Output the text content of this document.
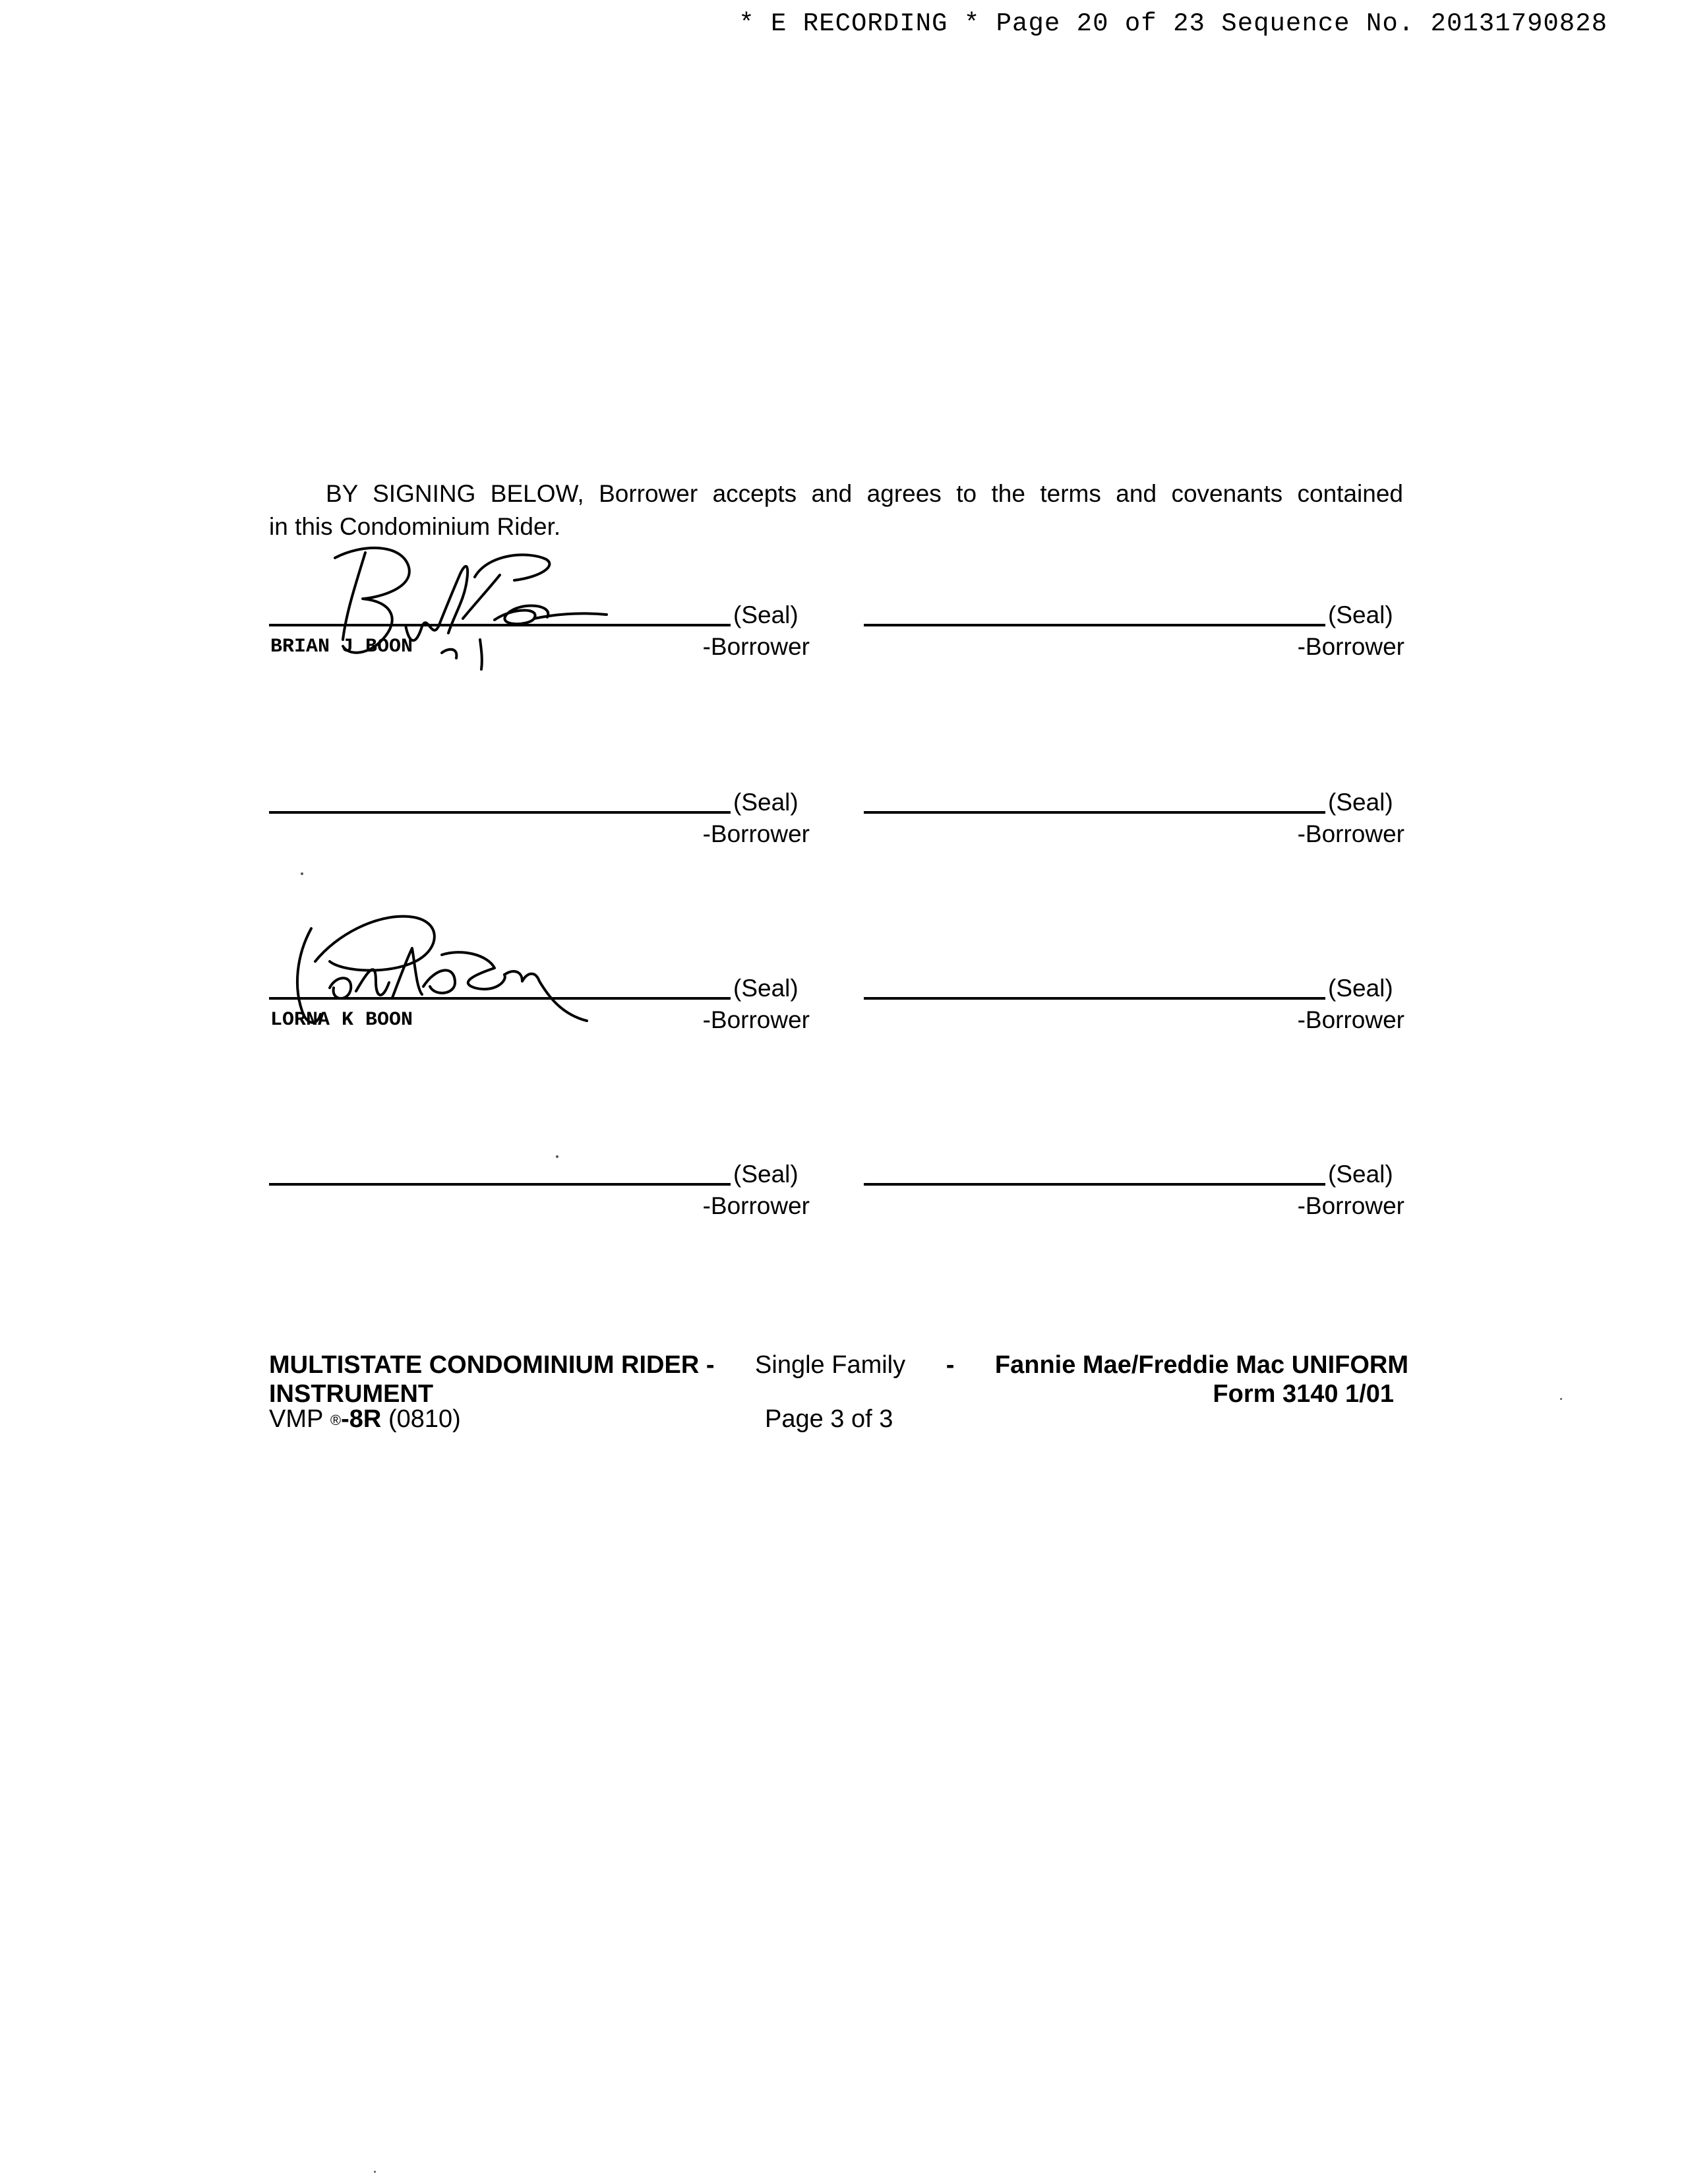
* E RECORDING * Page 20 of 23 Sequence No. 20131790828
BY SIGNING BELOW, Borrower accepts and agrees to the terms and covenants contained
in this Condominium Rider.
(Seal)
BRIAN J BOON	-Borrower
(Seal)
-Borrower
(Seal)
-Borrower
(Seal)
-Borrower
(Seal)
LORNA K BOON	-Borrower
(Seal)
-Borrower
(Seal)
-Borrower
(Seal)
-Borrower
MULTISTATE CONDOMINIUM RIDER - Single Family - Fannie Mae/Freddie Mac UNIFORM
INSTRUMENT	Form 3140 1/01
VMP ®-8R (0810)	Page 3 of 3
